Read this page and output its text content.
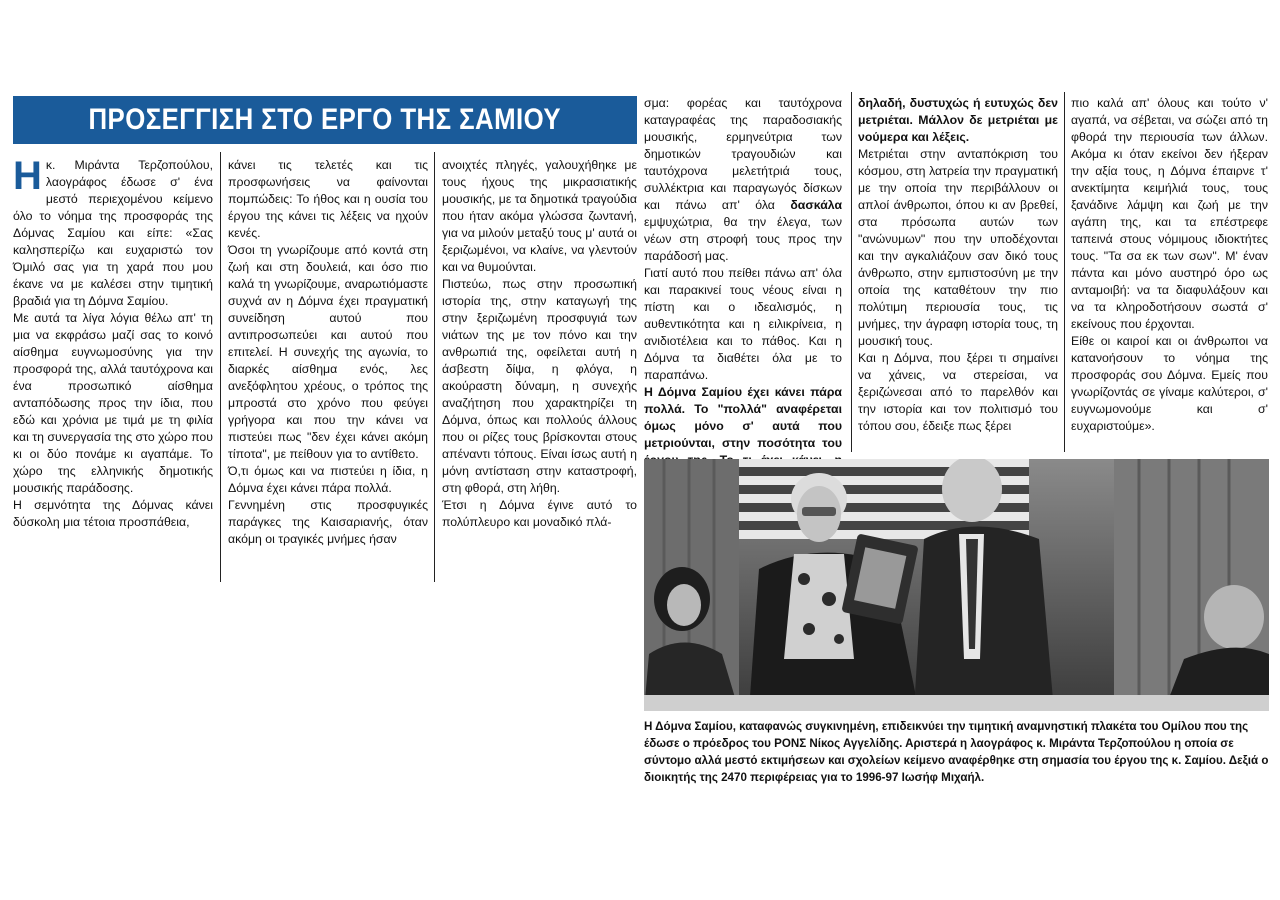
ΠΡΟΣΕΓΓΙΣΗ ΣΤΟ ΕΡΓΟ ΤΗΣ ΣΑΜΙΟΥ

Ηκ. Μιράντα Τερζοπούλου, λαογράφος έδωσε σ' ένα μεστό περιεχομένου κείμενο όλο το νόημα της προσφοράς της Δόμνας Σαμίου και είπε: «Σας καλησπερίζω και ευχαριστώ τον Όμιλό σας για τη χαρά που μου έκανε να με καλέσει στην τιμητική βραδιά για τη Δόμνα Σαμίου.

Με αυτά τα λίγα λόγια θέλω απ' τη μια να εκφράσω μαζί σας το κοινό αίσθημα ευγνωμοσύνης για την προσφορά της, αλλά ταυτόχρονα και ένα προσωπικό αίσθημα ανταπόδωσης προς την ίδια, που εδώ και χρόνια με τιμά με τη φιλία και τη συνεργασία της στο χώρο που κι οι δύο πονάμε κι αγαπάμε. Το χώρο της ελληνικής δημοτικής μουσικής παράδοσης.

Η σεμνότητα της Δόμνας κάνει δύσκολη μια τέτοια προσπάθεια,

κάνει τις τελετές και τις προσφωνήσεις να φαίνονται πομπώδεις: Το ήθος και η ουσία του έργου της κάνει τις λέξεις να ηχούν κενές.

Όσοι τη γνωρίζουμε από κοντά στη ζωή και στη δουλειά, και όσο πιο καλά τη γνωρίζουμε, αναρωτιόμαστε συχνά αν η Δόμνα έχει πραγματική συνείδηση αυτού που αντιπροσωπεύει και αυτού που επιτελεί. Η συνεχής της αγωνία, το διαρκές αίσθημα ενός, λες ανεξόφλητου χρέους, ο τρόπος της μπροστά στο χρόνο που φεύγει γρήγορα και που την κάνει να πιστεύει πως "δεν έχει κάνει ακόμη τίποτα", με πείθουν για το αντίθετο.

Ό,τι όμως και να πιστεύει η ίδια, η Δόμνα έχει κάνει πάρα πολλά.

Γεννημένη στις προσφυγικές παράγκες της Καισαριανής, όταν ακόμη οι τραγικές μνήμες ήσαν

ανοιχτές πληγές, γαλουχήθηκε με τους ήχους της μικρασιατικής μουσικής, με τα δημοτικά τραγούδια που ήταν ακόμα γλώσσα ζωντανή, για να μιλούν μεταξύ τους μ' αυτά οι ξεριζωμένοι, να κλαίνε, να γλεντούν και να θυμούνται.

Πιστεύω, πως στην προσωπική ιστορία της, στην καταγωγή της στην ξεριζωμένη προσφυγιά των νιάτων της με τον πόνο και την ανθρωπιά της, οφείλεται αυτή η άσβεστη δίψα, η φλόγα, η ακούραστη δύναμη, η συνεχής αναζήτηση που χαρακτηρίζει τη Δόμνα, όπως και πολλούς άλλους που οι ρίζες τους βρίσκονται στους απέναντι τόπους. Είναι ίσως αυτή η μόνη αντίσταση στην καταστροφή, στη φθορά, στη λήθη.

Έτσι η Δόμνα έγινε αυτό το πολύπλευρο και μοναδικό πλά-

σμα: φορέας και ταυτόχρονα καταγραφέας της παραδοσιακής μουσικής, ερμηνεύτρια των δημοτικών τραγουδιών και ταυτόχρονα μελετήτριά τους, συλλέκτρια και παραγωγός δίσκων και πάνω απ' όλα δασκάλα εμψυχώτρια, θα την έλεγα, των νέων στη στροφή τους προς την παράδοσή μας.

Γιατί αυτό που πείθει πάνω απ' όλα και παρακινεί τους νέους είναι η πίστη και ο ιδεαλισμός, η αυθεντικότητα και η ειλικρίνεια, η ανιδιοτέλεια και το πάθος. Και η Δόμνα τα διαθέτει όλα με το παραπάνω.

Η Δόμνα Σαμίου έχει κάνει πάρα πολλά. Το "πολλά" αναφέρεται όμως μόνο σ' αυτά που μετριούνται, στην ποσότητα του

δηλαδή, δυστυχώς ή ευτυχώς δεν μετριέται. Μάλλον δε μετριέται με νούμερα και λέξεις.

Μετριέται στην ανταπόκριση του κόσμου, στη λατρεία την πραγματική με την οποία την περιβάλλουν οι απλοί άνθρωποι, όπου κι αν βρεθεί, στα πρόσωπα αυτών των "ανώνυμων" που την υποδέχονται και την αγκαλιάζουν σαν δικό τους άνθρωπο, στην εμπιστοσύνη με την οποία της καταθέτουν την πιο πολύτιμη περιουσία τους, τις μνήμες, την άγραφη ιστορία τους, τη μουσική τους.

Και η Δόμνα, που ξέρει τι σημαίνει να χάνεις, να στερείσαι, να ξεριζώνεσαι από το παρελθόν και την ιστορία και τον πολιτισμό του τόπου σου, έδειξε πως ξέρει

πιο καλά απ' όλους και τούτο ν' αγαπά, να σέβεται, να σώζει από τη φθορά την περιουσία των άλλων. Ακόμα κι όταν εκείνοι δεν ήξεραν την αξία τους, η Δόμνα έπαιρνε τ' ανεκτίμητα κειμήλιά τους, τους ξανάδινε λάμψη και ζωή με την αγάπη της, και τα επέστρεφε ταπεινά στους νόμιμους ιδιοκτήτες τους. "Τα σα εκ των σων". Μ' έναν πάντα και μόνο αυστηρό όρο ως ανταμοιβή: να τα διαφυλάξουν και να τα κληροδοτήσουν σωστά σ' εκείνους που έρχονται.

Είθε οι καιροί και οι άνθρωποι να κατανοήσουν το νόημα της προσφοράς σου Δόμνα. Εμείς που γνωρίζοντάς σε γίναμε καλύτεροι, σ' ευγνωμονούμε και σ' ευχαριστούμε».

Η Δόμνα Σαμίου, καταφανώς συγκινημένη, επιδεικνύει την τιμητική αναμνηστική πλακέτα του Ομίλου που της έδωσε ο πρόεδρος του ΡΟΝΣ Νίκος Αγγελίδης. Αριστερά η λαογράφος κ. Μιράντα Τερζοπούλου η οποία σε σύντομο αλλά μεστό εκτιμήσεων και σχολείων κείμενο αναφέρθηκε στη σημασία του έργου της κ. Σαμίου. Δεξιά ο διοικητής της 2470 περιφέρειας για το 1996-97 Ιωσήφ Μιχαήλ.
